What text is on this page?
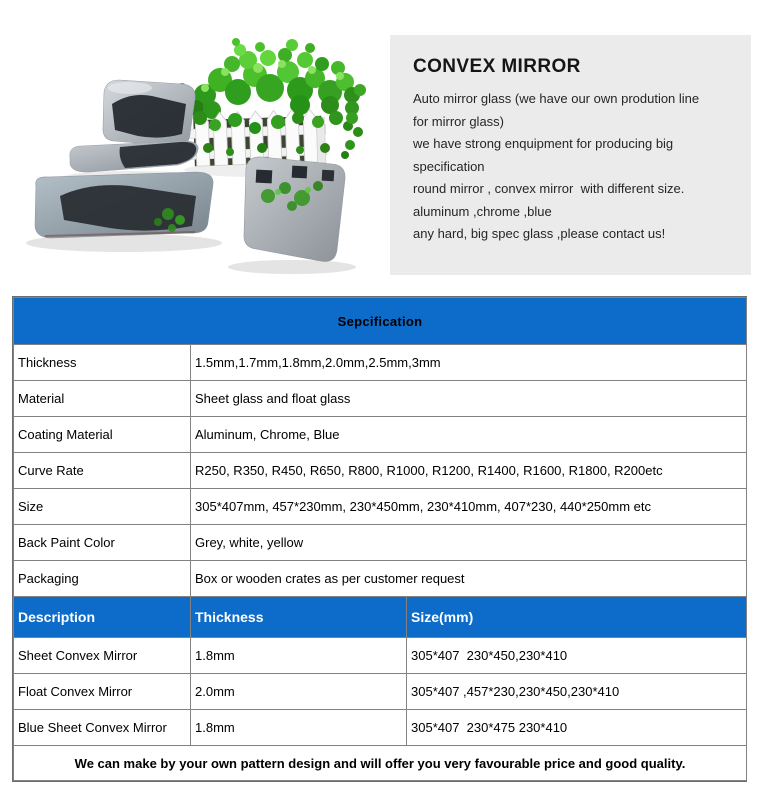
CONVEX MIRROR
Auto mirror glass (we have our own prodution line
for mirror glass)
we have strong enquipment for producing big
specification
round mirror , convex mirror  with different size.
aluminum ,chrome ,blue
any hard, big spec glass ,please contact us!
Sepcification		
Thickness	1.5mm,1.7mm,1.8mm,2.0mm,2.5mm,3mm	
Material	Sheet glass and float glass	
Coating Material	Aluminum, Chrome, Blue	
Curve Rate	R250, R350, R450, R650, R800, R1000, R1200, R1400, R1600, R1800, R200etc	
Size	305*407mm, 457*230mm, 230*450mm, 230*410mm, 407*230, 440*250mm etc	
Back Paint Color	Grey, white, yellow	
Packaging	Box or wooden crates as per customer request	
Description	Thickness	Size(mm)
Sheet Convex Mirror	1.8mm	305*407  230*450,230*410
Float Convex Mirror	2.0mm	305*407 ,457*230,230*450,230*410
Blue Sheet Convex Mirror	1.8mm	305*407  230*475 230*410
We can make by your own pattern design and will offer you very favourable price and good quality.		
